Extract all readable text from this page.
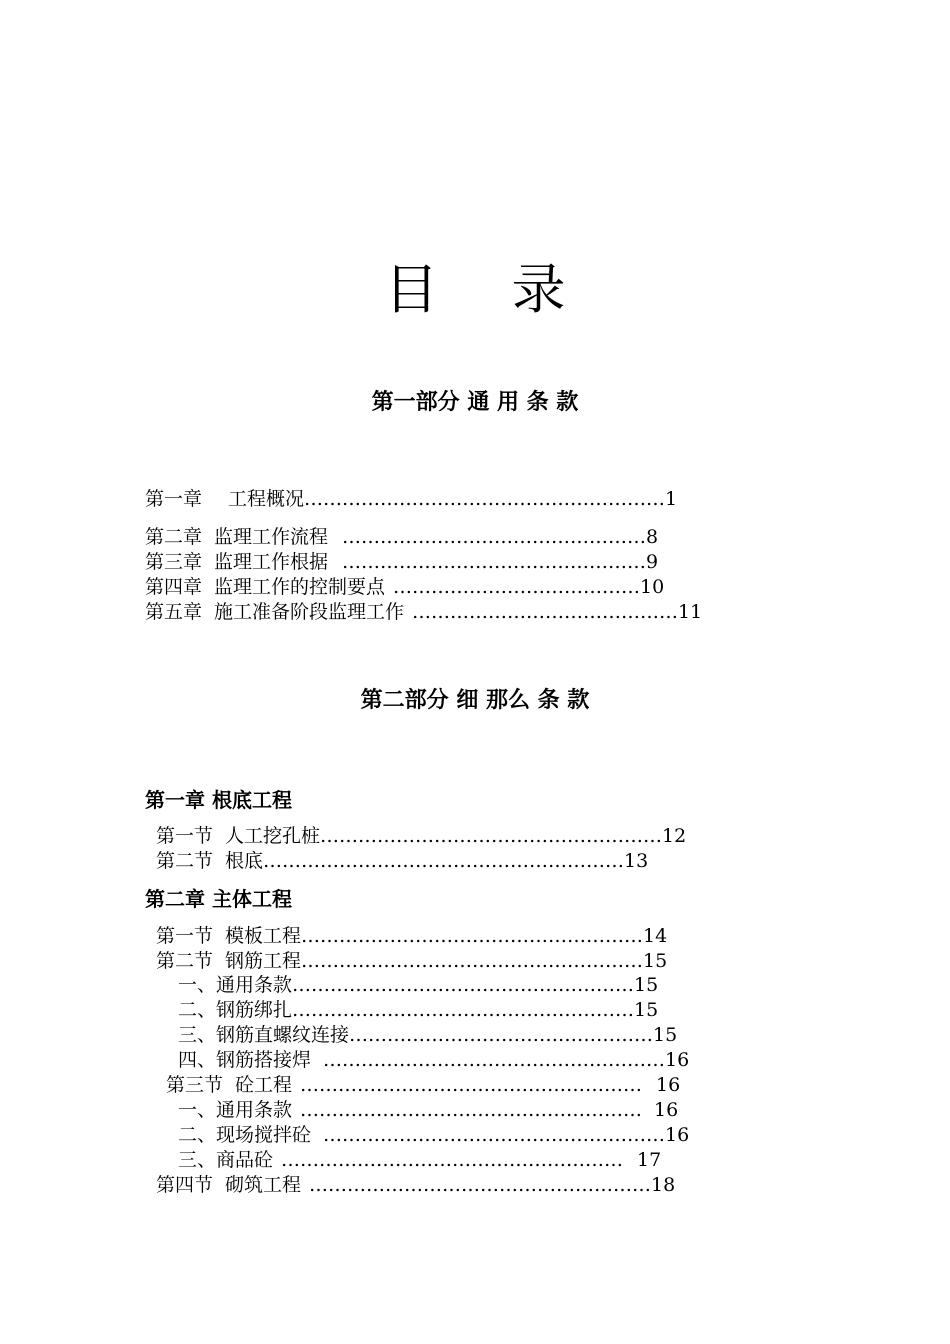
目 录
第一部分 通 用 条 款
第一章 工程概况…………………………………………………1
第二章 监理工作流程 …………………………………………8
第三章 监理工作根据 …………………………………………9
第四章 监理工作的控制要点 …………………………………10
第五章 施工准备阶段监理工作 ……………………………………11
第二部分 细 那么 条 款
第一章 根底工程
第一节 人工挖孔桩………………………………………………12
第二节 根底…………………………………………………13
第二章 主体工程
第一节 模板工程………………………………………………14
第二节 钢筋工程………………………………………………15
一、通用条款………………………………………………15
二、钢筋绑扎………………………………………………15
三、钢筋直螺纹连接…………………………………………15
四、钢筋搭接焊 ………………………………………………16
第三节 砼工程 ……………………………………………… 16
一、通用条款 ……………………………………………… 16
二、现场搅拌砼 ………………………………………………16
三、商品砼 ……………………………………………… 17
第四节 砌筑工程 ………………………………………………18
